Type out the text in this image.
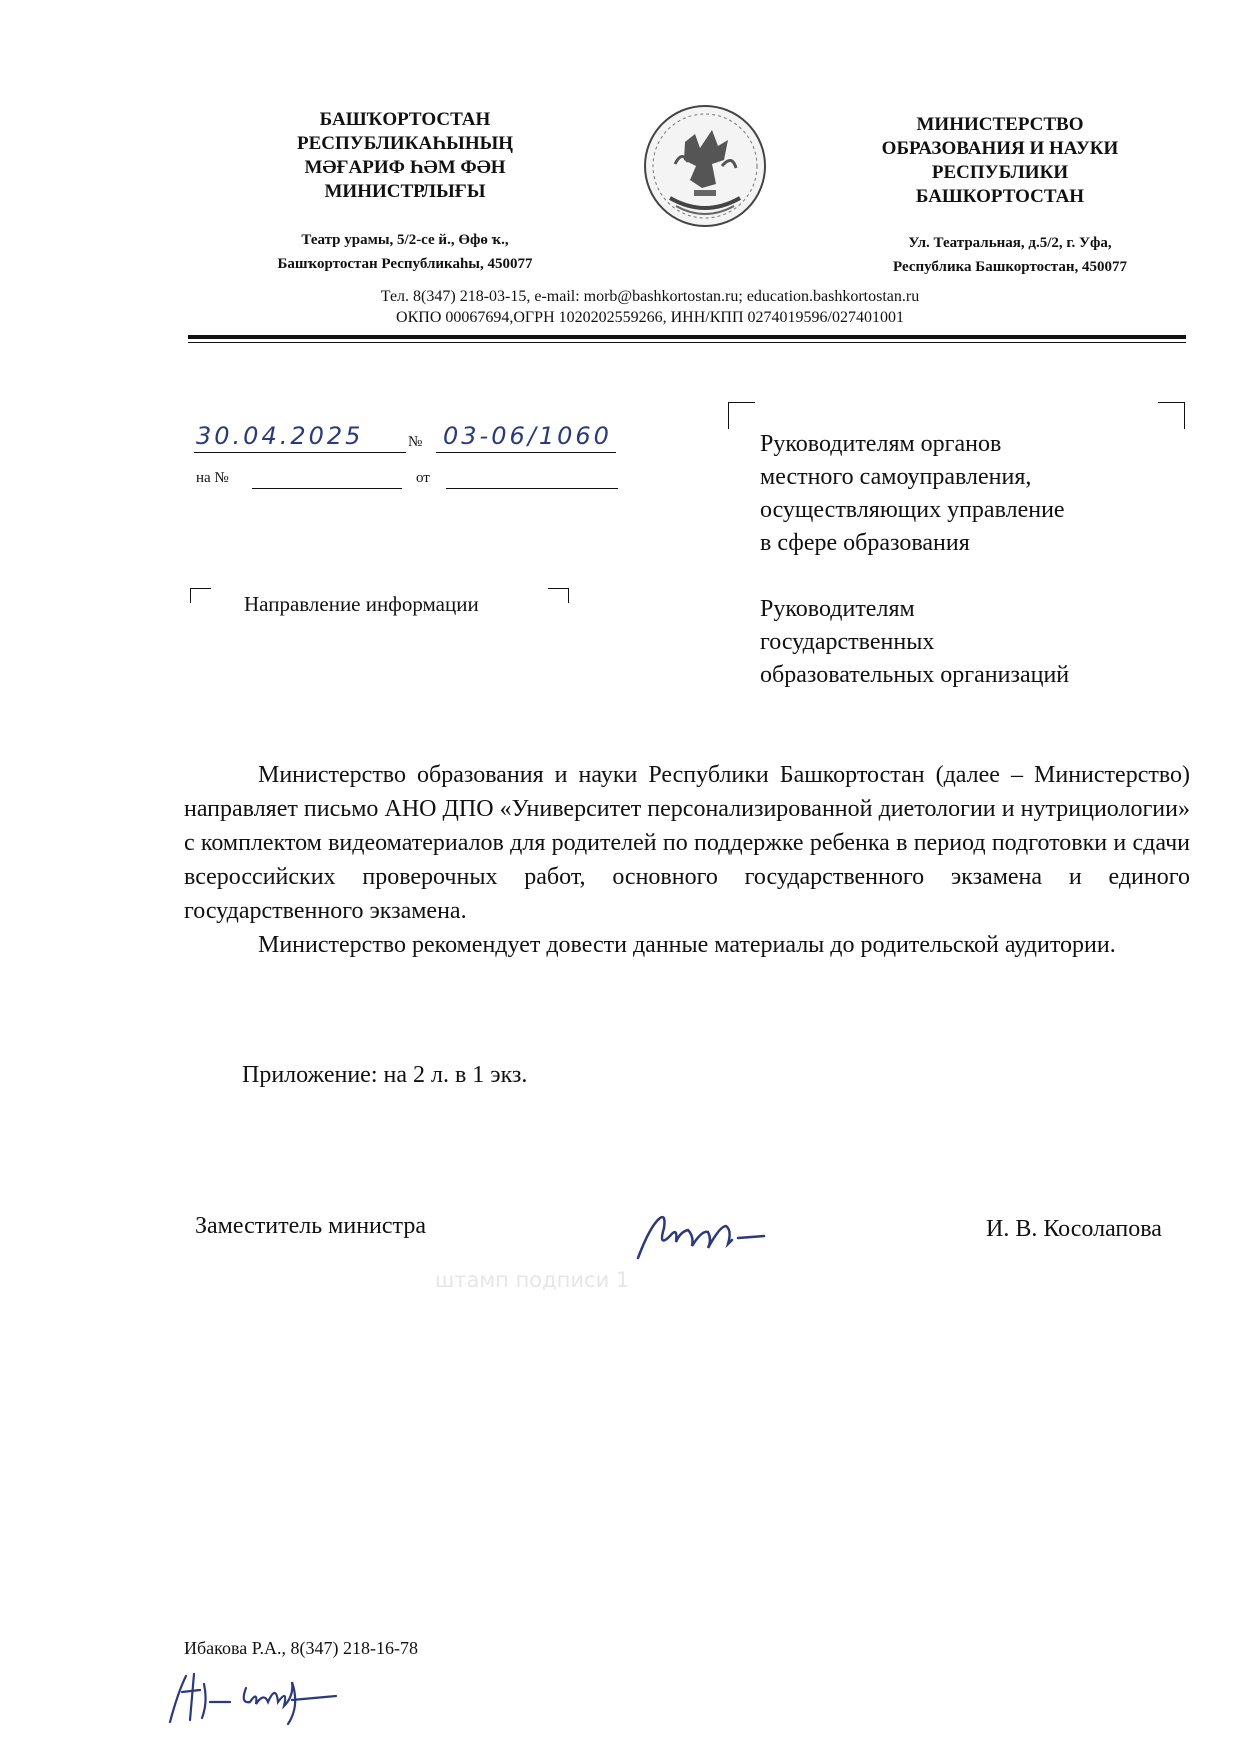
БАШҠОРТОСТАН
РЕСПУБЛИКАҺЫНЫҢ
МӘҒАРИФ ҺӘМ ФӘН
МИНИСТРЛЫҒЫ
Театр урамы, 5/2-се й., Өфө ҡ.,
Башҡортостан Республикаһы, 450077
МИНИСТЕРСТВО
ОБРАЗОВАНИЯ И НАУКИ
РЕСПУБЛИКИ
БАШКОРТОСТАН
Ул. Театральная, д.5/2, г. Уфа,
Республика Башкортостан, 450077
Тел. 8(347) 218-03-15, e-mail: morb@bashkortostan.ru; education.bashkortostan.ru
ОКПО 00067694,ОГРН 1020202559266, ИНН/КПП 0274019596/027401001
30.04.2025	№ 03-06/1060
на №	от

Руководителям органов

местного самоуправления,

осуществляющих управление

в сфере образования

Руководителям

государственных

образовательных организаций

Направление информации

Министерство образования и науки Республики Башкортостан (далее – Министерство) направляет письмо АНО ДПО «Университет персонализированной диетологии и нутрициологии» с комплектом видеоматериалов для родителей по поддержке ребенка в период подготовки и сдачи всероссийских проверочных работ, основного государственного экзамена и единого государственного экзамена.

Министерство рекомендует довести данные материалы до родительской аудитории.

Приложение: на 2 л. в 1 экз.
Заместитель министра
штамп подписи 1
И. В. Косолапова
Ибакова Р.А., 8(347) 218-16-78
